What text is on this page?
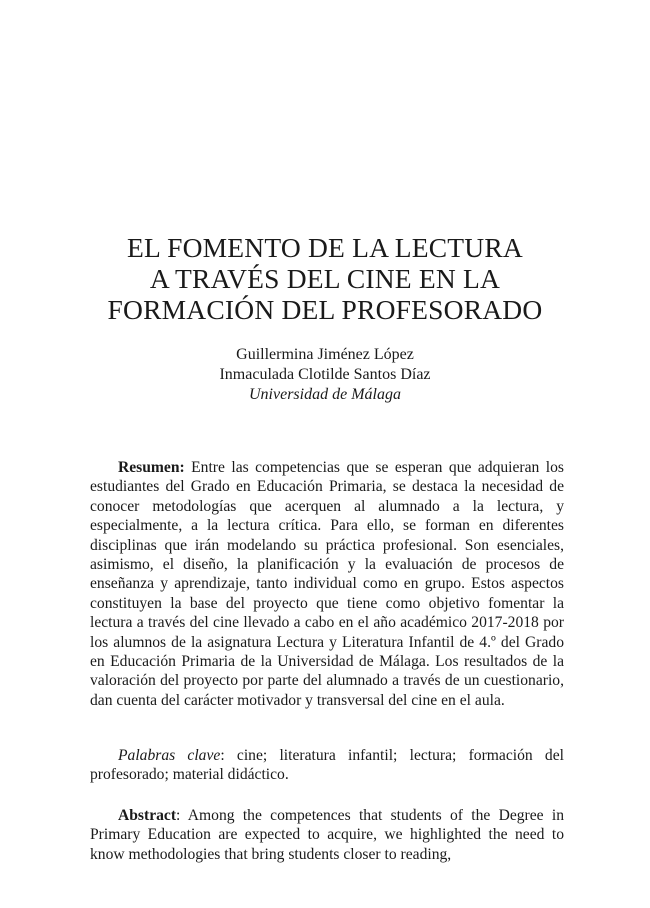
EL FOMENTO DE LA LECTURA
A TRAVÉS DEL CINE EN LA
FORMACIÓN DEL PROFESORADO
Guillermina Jiménez López
Inmaculada Clotilde Santos Díaz
Universidad de Málaga

Resumen: Entre las competencias que se esperan que adquieran los estudiantes del Grado en Educación Primaria, se destaca la necesidad de conocer metodologías que acerquen al alumnado a la lectura, y especialmente, a la lectura crítica. Para ello, se forman en diferentes disciplinas que irán modelando su práctica profesional. Son esenciales, asimismo, el diseño, la planificación y la evaluación de procesos de enseñanza y aprendizaje, tanto individual como en grupo. Estos aspectos constituyen la base del proyecto que tiene como objetivo fomentar la lectura a través del cine llevado a cabo en el año académico 2017-2018 por los alumnos de la asignatura Lectura y Literatura Infantil de 4.º del Grado en Educación Primaria de la Universidad de Málaga. Los resultados de la valoración del proyecto por parte del alumnado a través de un cuestionario, dan cuenta del carácter motivador y transversal del cine en el aula.

Palabras clave: cine; literatura infantil; lectura; formación del profesorado; material didáctico.

Abstract: Among the competences that students of the Degree in Primary Education are expected to acquire, we highlighted the need to know methodologies that bring students closer to reading,
